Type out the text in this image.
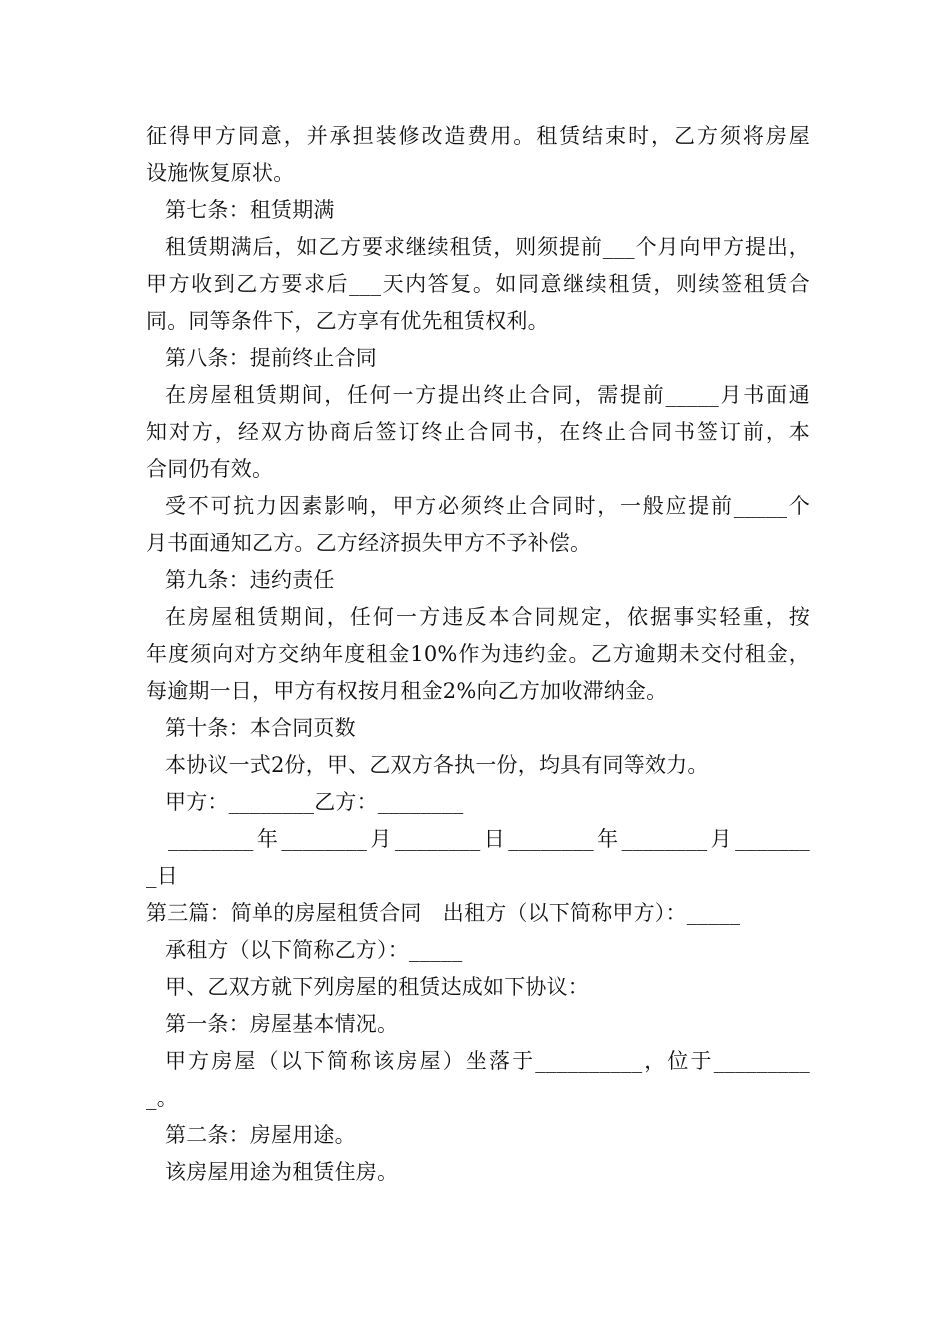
征得甲方同意，并承担装修改造费用。租赁结束时，乙方须将房屋
设施恢复原状。
第七条：租赁期满
租赁期满后，如乙方要求继续租赁，则须提前___个月向甲方提出，
甲方收到乙方要求后___天内答复。如同意继续租赁，则续签租赁合
同。同等条件下，乙方享有优先租赁权利。
第八条：提前终止合同
在房屋租赁期间，任何一方提出终止合同，需提前_____月书面通
知对方，经双方协商后签订终止合同书，在终止合同书签订前，本
合同仍有效。
受不可抗力因素影响，甲方必须终止合同时，一般应提前_____个
月书面通知乙方。乙方经济损失甲方不予补偿。
第九条：违约责任
在房屋租赁期间，任何一方违反本合同规定，依据事实轻重，按
年度须向对方交纳年度租金10%作为违约金。乙方逾期未交付租金，
每逾期一日，甲方有权按月租金2%向乙方加收滞纳金。
第十条：本合同页数
本协议一式2份，甲、乙双方各执一份，均具有同等效力。
甲方：________乙方：________
________年________月________日________年________月_______
_日
第三篇：简单的房屋租赁合同　出租方（以下简称甲方）：_____
承租方（以下简称乙方）：_____
甲、乙双方就下列房屋的租赁达成如下协议：
第一条：房屋基本情况。
甲方房屋（以下简称该房屋）坐落于__________，位于_________
_。
第二条：房屋用途。
该房屋用途为租赁住房。
